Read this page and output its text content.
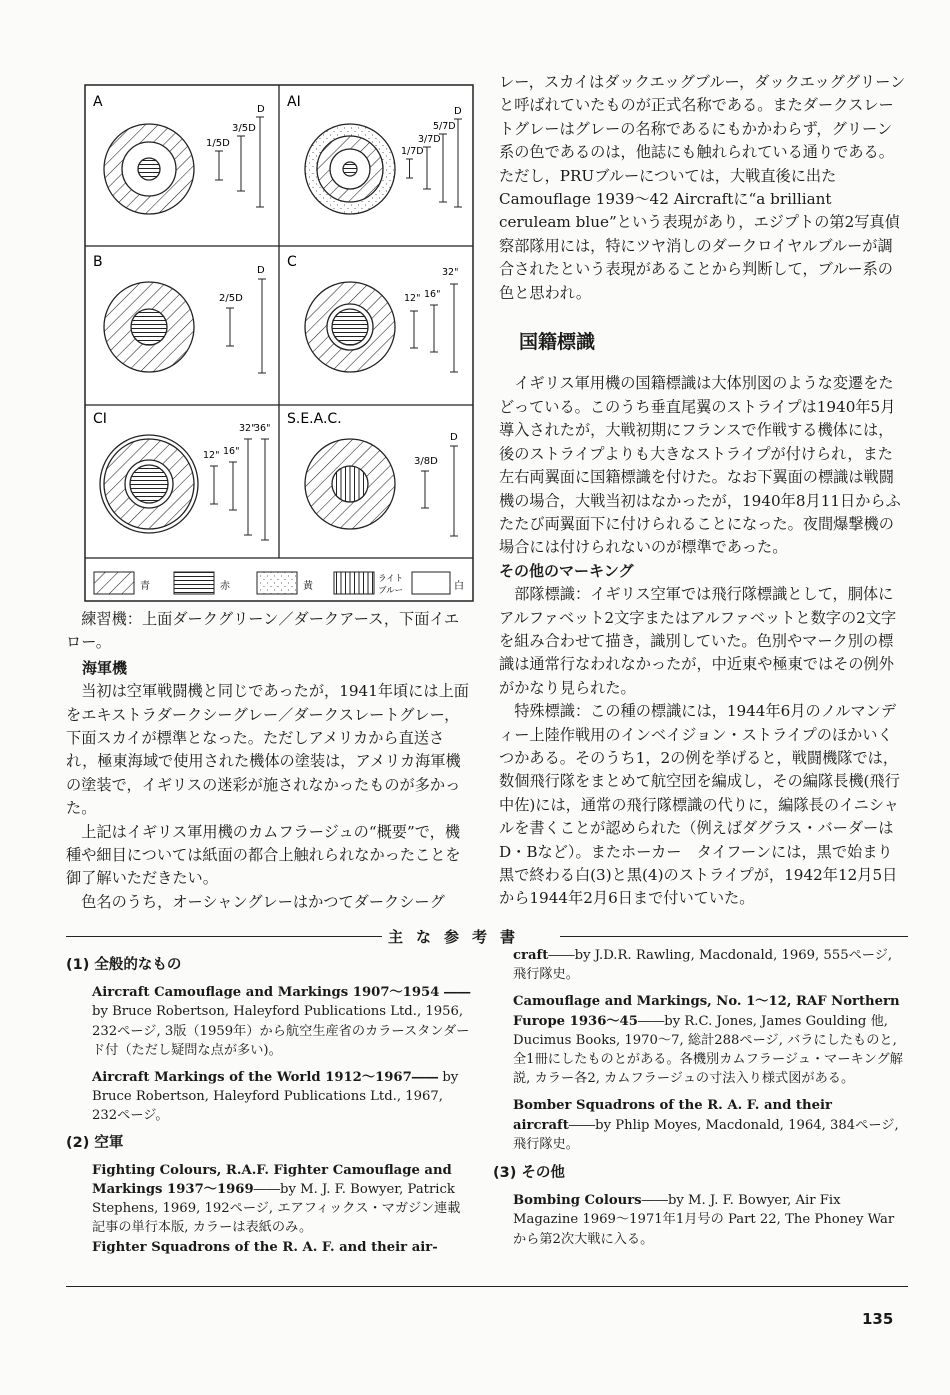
A
1/5D
3/5D
D AI
1/7D
3/7D
5/7D
D
B
2/5D
D
C
12" 16"
32"
CI
12" 16"
32"
36"
S.E.A.C.
3/8D
D
青	赤	黄
ライト
ブルー	白

練習機：上面ダークグリーン／ダークアース，下面イエロー。

海軍機

当初は空軍戦闘機と同じであったが，1941年頃には上面をエキストラダークシーグレー／ダークスレートグレー，下面スカイが標準となった。ただしアメリカから直送され，極東海域で使用された機体の塗装は，アメリカ海軍機の塗装で，イギリスの迷彩が施されなかったものが多かった。

上記はイギリス軍用機のカムフラージュの“概要”で，機種や細目については紙面の都合上触れられなかったことを御了解いただきたい。

色名のうち，オーシャングレーはかつてダークシーグ

レー，スカイはダックエッグブルー，ダックエッググリーンと呼ばれていたものが正式名称である。またダークスレートグレーはグレーの名称であるにもかかわらず，グリーン系の色であるのは，他誌にも触れられている通りである。ただし，PRUブルーについては，大戦直後に出たCamouflage 1939～42 Aircraftに“a brilliant ceruleam blue”という表現があり，エジプトの第2写真偵察部隊用には，特にツヤ消しのダークロイヤルブルーが調合されたという表現があることから判断して，ブルー系の色と思われ。

国籍標識

イギリス軍用機の国籍標識は大体別図のような変遷をたどっている。このうち垂直尾翼のストライプは1940年5月導入されたが，大戦初期にフランスで作戦する機体には，後のストライプよりも大きなストライプが付けられ，また左右両翼面に国籍標識を付けた。なお下翼面の標識は戦闘機の場合，大戦当初はなかったが，1940年8月11日からふたたび両翼面下に付けられることになった。夜間爆撃機の場合には付けられないのが標準であった。

その他のマーキング

部隊標識：イギリス空軍では飛行隊標識として，胴体にアルファベット2文字またはアルファベットと数字の2文字を組み合わせて描き，識別していた。色別やマーク別の標識は通常行なわれなかったが，中近東や極東ではその例外がかなり見られた。

特殊標識：この種の標識には，1944年6月のノルマンディー上陸作戦用のインベイジョン・ストライプのほかいくつかある。そのうち1，2の例を挙げると，戦闘機隊では，数個飛行隊をまとめて航空団を編成し，その編隊長機(飛行中佐)には，通常の飛行隊標識の代りに，編隊長のイニシャルを書くことが認められた（例えばダグラス・バーダーはD・Bなど）。またホーカー　タイフーンには，黒で始まり黒で終わる白(3)と黒(4)のストライプが，1942年12月5日から1944年2月6日まで付いていた。

主な参考書

(1) 全般的なもの

Aircraft Camouflage and Markings 1907～1954 ―― by Bruce Robertson, Haleyford Publications Ltd., 1956, 232ページ, 3版（1959年）から航空生産省のカラースタンダード付（ただし疑問な点が多い)。

Aircraft Markings of the World 1912～1967―― by Bruce Robertson, Haleyford Publications Ltd., 1967, 232ページ。

(2) 空軍

Fighting Colours, R.A.F. Fighter Camouflage and Markings 1937～1969――by M. J. F. Bowyer, Patrick Stephens, 1969, 192ページ, エアフィックス・マガジン連載記事の単行本版, カラーは表紙のみ。

Fighter Squadrons of the R. A. F. and their air-

craft――by J.D.R. Rawling, Macdonald, 1969, 555ページ, 飛行隊史。

Camouflage and Markings, No. 1～12, RAF Northern Furope 1936～45――by R.C. Jones, James Goulding 他, Ducimus Books, 1970～7, 総計288ページ, バラにしたものと, 全1冊にしたものとがある。各機別カムフラージュ・マーキング解説, カラー各2, カムフラージュの寸法入り様式図がある。

Bomber Squadrons of the R. A. F. and their aircraft――by Phlip Moyes, Macdonald, 1964, 384ページ, 飛行隊史。

(3) その他

Bombing Colours――by M. J. F. Bowyer, Air Fix Magazine 1969～1971年1月号の Part 22, The Phoney War から第2次大戦に入る。

135
